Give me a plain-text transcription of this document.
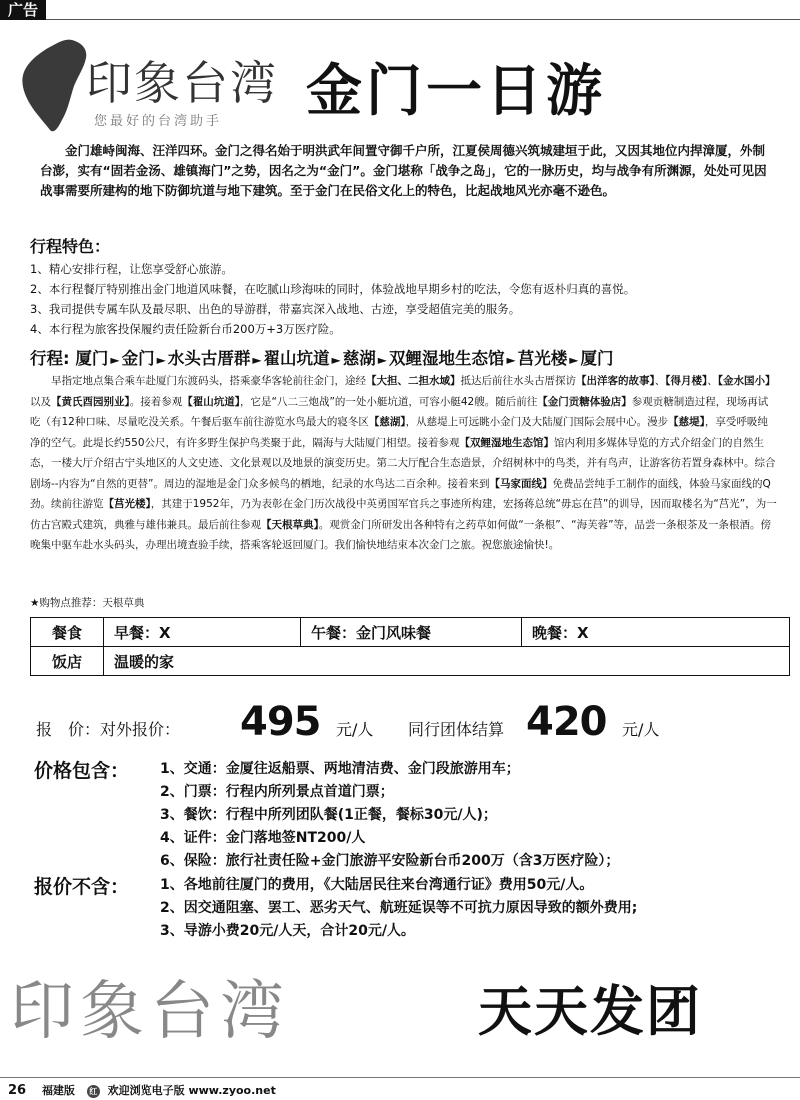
广告
印象台湾
您最好的台湾助手 金门一日游
金门雄峙闽海、汪洋四环。金门之得名始于明洪武年间置守御千户所，江夏侯周德兴筑城建垣于此，又因其地位内捍漳厦，外制台澎，实有“固若金汤、雄镇海门”之势，因名之为“金门”。金门堪称「战争之岛」，它的一脉历史，均与战争有所渊源，处处可见因战事需要所建构的地下防御坑道与地下建筑。至于金门在民俗文化上的特色，比起战地风光亦毫不逊色。
行程特色：
1、精心安排行程，让您享受舒心旅游。
2、本行程餐厅特别推出金门地道风味餐，在吃腻山珍海味的同时，体验战地早期乡村的吃法，令您有返朴归真的喜悦。
3、我司提供专属车队及最尽职、出色的导游群，带嘉宾深入战地、古迹，享受超值完美的服务。
4、本行程为旅客投保履约责任险新台币200万+3万医疗险。
行程: 厦门 ► 金门 ► 水头古厝群 ► 翟山坑道 ► 慈湖 ► 双鲤湿地生态馆 ► 莒光楼 ► 厦门
早指定地点集合乘车赴厦门东渡码头，搭乘豪华客轮前往金门，途经【大担、二担水域】抵达后前往水头古厝探访【出洋客的故事】、【得月楼】、【金水国小】以及【黄氏酉园别业】。接着参观【翟山坑道】，它是“八二三炮战”的一处小艇坑道，可容小艇42艘。随后前往【金门贡糖体验店】参观贡糖制造过程，现场再试吃（有12种口味、尽量吃没关系。午餐后驱车前往游览水鸟最大的寝冬区【慈湖】，从慈堤上可远眺小金门及大陆厦门国际会展中心。漫步【慈堤】，享受呼吸纯净的空气。此堤长约550公尺，有许多野生保护鸟类聚于此，隔海与大陆厦门相望。接着参观【双鲤湿地生态馆】馆内利用多媒体导览的方式介绍金门的自然生态，一楼大厅介绍古宁头地区的人文史迹、文化景观以及地景的演变历史。第二大厅配合生态造景，介绍树林中的鸟类，并有鸟声，让游客彷若置身森林中。综合剧场--内容为“自然的更替”。周边的湿地是金门众多候鸟的栖地，纪录的水鸟达二百余种。接着来到【马家面线】免费品尝纯手工制作的面线，体验马家面线的Q劲。续前往游览【莒光楼】，其建于1952年，乃为表彰在金门历次战役中英勇国军官兵之事迹所构建，宏扬蒋总统“毋忘在莒”的训导，因而取楼名为“莒光”，为一仿古宫殿式建筑，典雅与雄伟兼具。最后前往参观【天根草典】。观赏金门所研发出各种特有之药草如何做“一条根”、“海芙蓉”等，品尝一条根茶及一条根酒。傍晚集中驱车赴水头码头，办理出境查验手续，搭乘客轮返回厦门。我们愉快地结束本次金门之旅。祝您旅途愉快!。
★购物点推荐：天根草典
餐食	早餐：X	午餐：金门风味餐	晚餐：X
饭店	温暖的家		
报　价：对外报价： 495 元/人 同行团体结算 420 元/人
价格包含： 1、交通：金厦往返船票、两地清洁费、金门段旅游用车；
2、门票：行程内所列景点首道门票；
3、餐饮：行程中所列团队餐(1正餐，餐标30元/人)；
4、证件：金门落地签NT200/人
6、保险：旅行社责任险+金门旅游平安险新台币200万（含3万医疗险）；
报价不含： 1、各地前往厦门的费用，《大陆居民往来台湾通行证》费用50元/人。
2、因交通阻塞、罢工、恶劣天气、航班延误等不可抗力原因导致的额外费用;
3、导游小费20元/人天，合计20元/人。
印象台湾	天天发团
26 福建版 红 欢迎浏览电子版 www.zyoo.net
